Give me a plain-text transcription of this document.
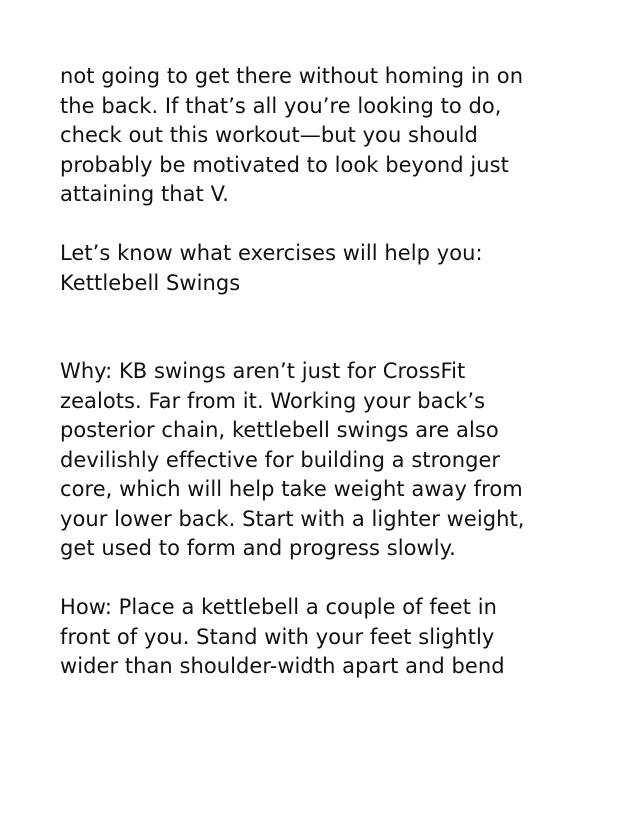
not going to get there without homing in on
the back. If that’s all you’re looking to do,
check out this workout—but you should
probably be motivated to look beyond just
attaining that V.

Let’s know what exercises will help you:
Kettlebell Swings

Why: KB swings aren’t just for CrossFit
zealots. Far from it. Working your back’s
posterior chain, kettlebell swings are also
devilishly effective for building a stronger
core, which will help take weight away from
your lower back. Start with a lighter weight,
get used to form and progress slowly.

How: Place a kettlebell a couple of feet in
front of you. Stand with your feet slightly
wider than shoulder-width apart and bend
